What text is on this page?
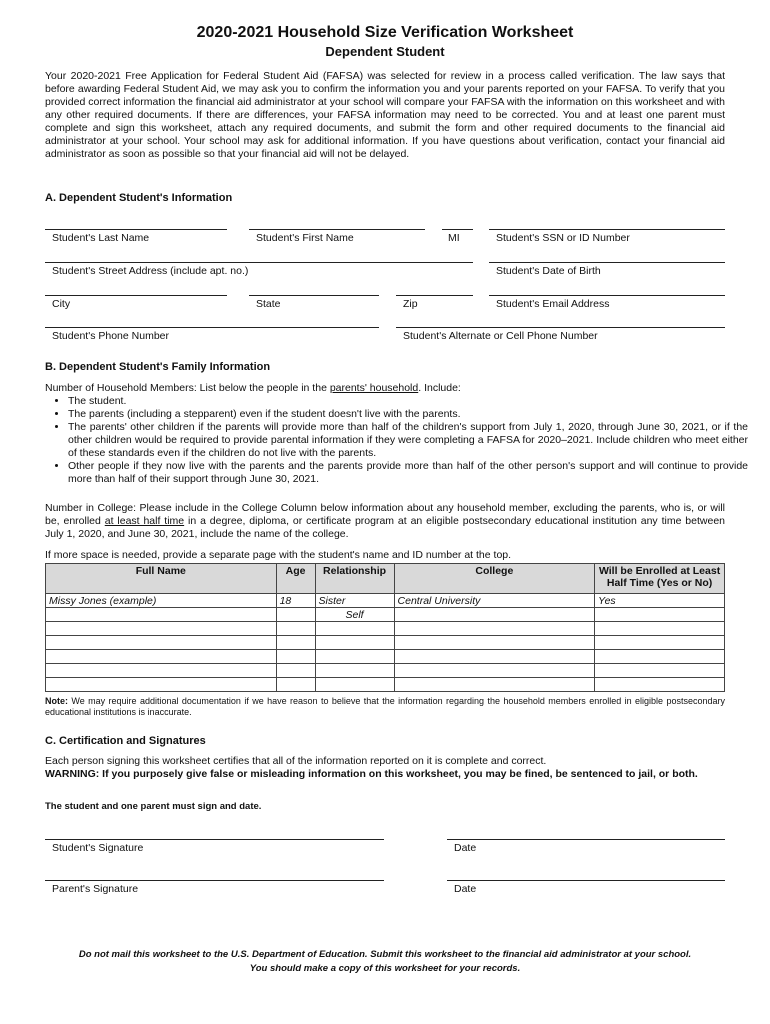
2020-2021 Household Size Verification Worksheet
Dependent Student

Your 2020-2021 Free Application for Federal Student Aid (FAFSA) was selected for review in a process called verification. The law says that before awarding Federal Student Aid, we may ask you to confirm the information you and your parents reported on your FAFSA. To verify that you provided correct information the financial aid administrator at your school will compare your FAFSA with the information on this worksheet and with any other required documents. If there are differences, your FAFSA information may need to be corrected. You and at least one parent must complete and sign this worksheet, attach any required documents, and submit the form and other required documents to the financial aid administrator at your school. Your school may ask for additional information. If you have questions about verification, contact your financial aid administrator as soon as possible so that your financial aid will not be delayed.

A. Dependent Student's Information
Student's Last Name	Student's First Name	MI	Student's SSN or ID Number
Student's Street Address (include apt. no.)	Student's Date of Birth
City	State	Zip	Student's Email Address
Student's Phone Number	Student's Alternate or Cell Phone Number
B. Dependent Student's Family Information

Number of Household Members: List below the people in the parents' household. Include:

• The student.
• The parents (including a stepparent) even if the student doesn't live with the parents.
• The parents' other children if the parents will provide more than half of the children's support from July 1, 2020, through June 30, 2021, or if the other children would be required to provide parental information if they were completing a FAFSA for 2020–2021. Include children who meet either of these standards even if the children do not live with the parents.
• Other people if they now live with the parents and the parents provide more than half of the other person's support and will continue to provide more than half of their support through June 30, 2021.

Number in College: Please include in the College Column below information about any household member, excluding the parents, who is, or will be, enrolled at least half time in a degree, diploma, or certificate program at an eligible postsecondary educational institution any time between July 1, 2020, and June 30, 2021, include the name of the college.

If more space is needed, provide a separate page with the student's name and ID number at the top.
Full Name	Age	Relationship	College	Will be Enrolled at Least Half Time (Yes or No)
Missy Jones (example)	18	Sister	Central University	Yes
		Self		

Note: We may require additional documentation if we have reason to believe that the information regarding the household members enrolled in eligible postsecondary educational institutions is inaccurate.
C. Certification and Signatures

Each person signing this worksheet certifies that all of the information reported on it is complete and correct.

WARNING: If you purposely give false or misleading information on this worksheet, you may be fined, be sentenced to jail, or both.

The student and one parent must sign and date.
Student's Signature	Date
Parent's Signature	Date
Do not mail this worksheet to the U.S. Department of Education. Submit this worksheet to the financial aid administrator at your school.
You should make a copy of this worksheet for your records.
